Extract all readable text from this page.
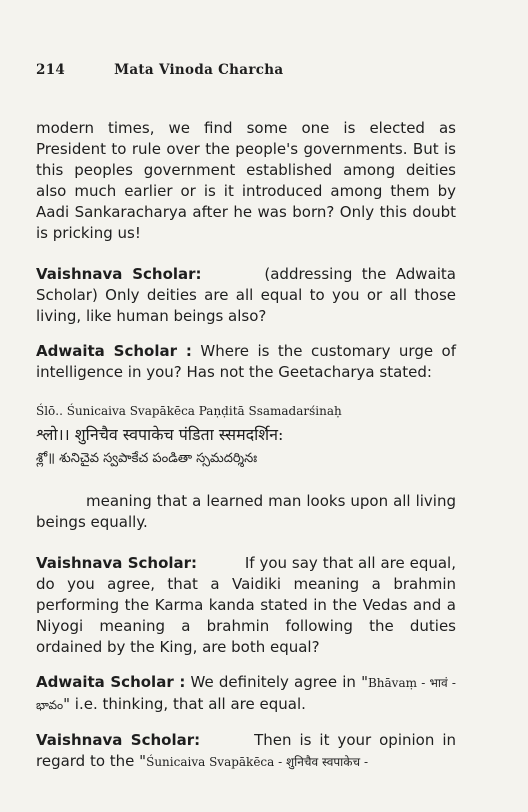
214	Mata Vinoda Charcha

modern times, we find some one is elected as President to rule over the people's governments. But is this peoples government established among deities also much earlier or is it introduced among them by Aadi Sankaracharya after he was born? Only this doubt is pricking us!

Vaishnava Scholar:	(addressing the Adwaita Scholar) Only deities are all equal to you or all those living, like human beings also?

Adwaita Scholar : Where is the customary urge of intelligence in you? Has not the Geetacharya stated:

Ślō.. Śunicaiva Svapākēca Paṇḍitā Ssamadarśinaḥ
श्लो।। शुनिचैव स्वपाकेच पंडिता स्समदर्शिन:
శ్లో॥ శునిచైవ స్వపాకేచ పండితా స్సమదర్శినః

meaning that a learned man looks upon all living beings equally.

Vaishnava Scholar:	If you say that all are equal, do you agree, that a Vaidiki meaning a brahmin performing the Karma kanda stated in the Vedas and a Niyogi meaning a brahmin following the duties ordained by the King, are both equal?

Adwaita Scholar : We definitely agree in "Bhāvaṃ - भावं - భావం" i.e. thinking, that all are equal.

Vaishnava Scholar:	Then is it your opinion in regard to the "Śunicaiva Svapākēca - शुनिचैव स्वपाकेच -
